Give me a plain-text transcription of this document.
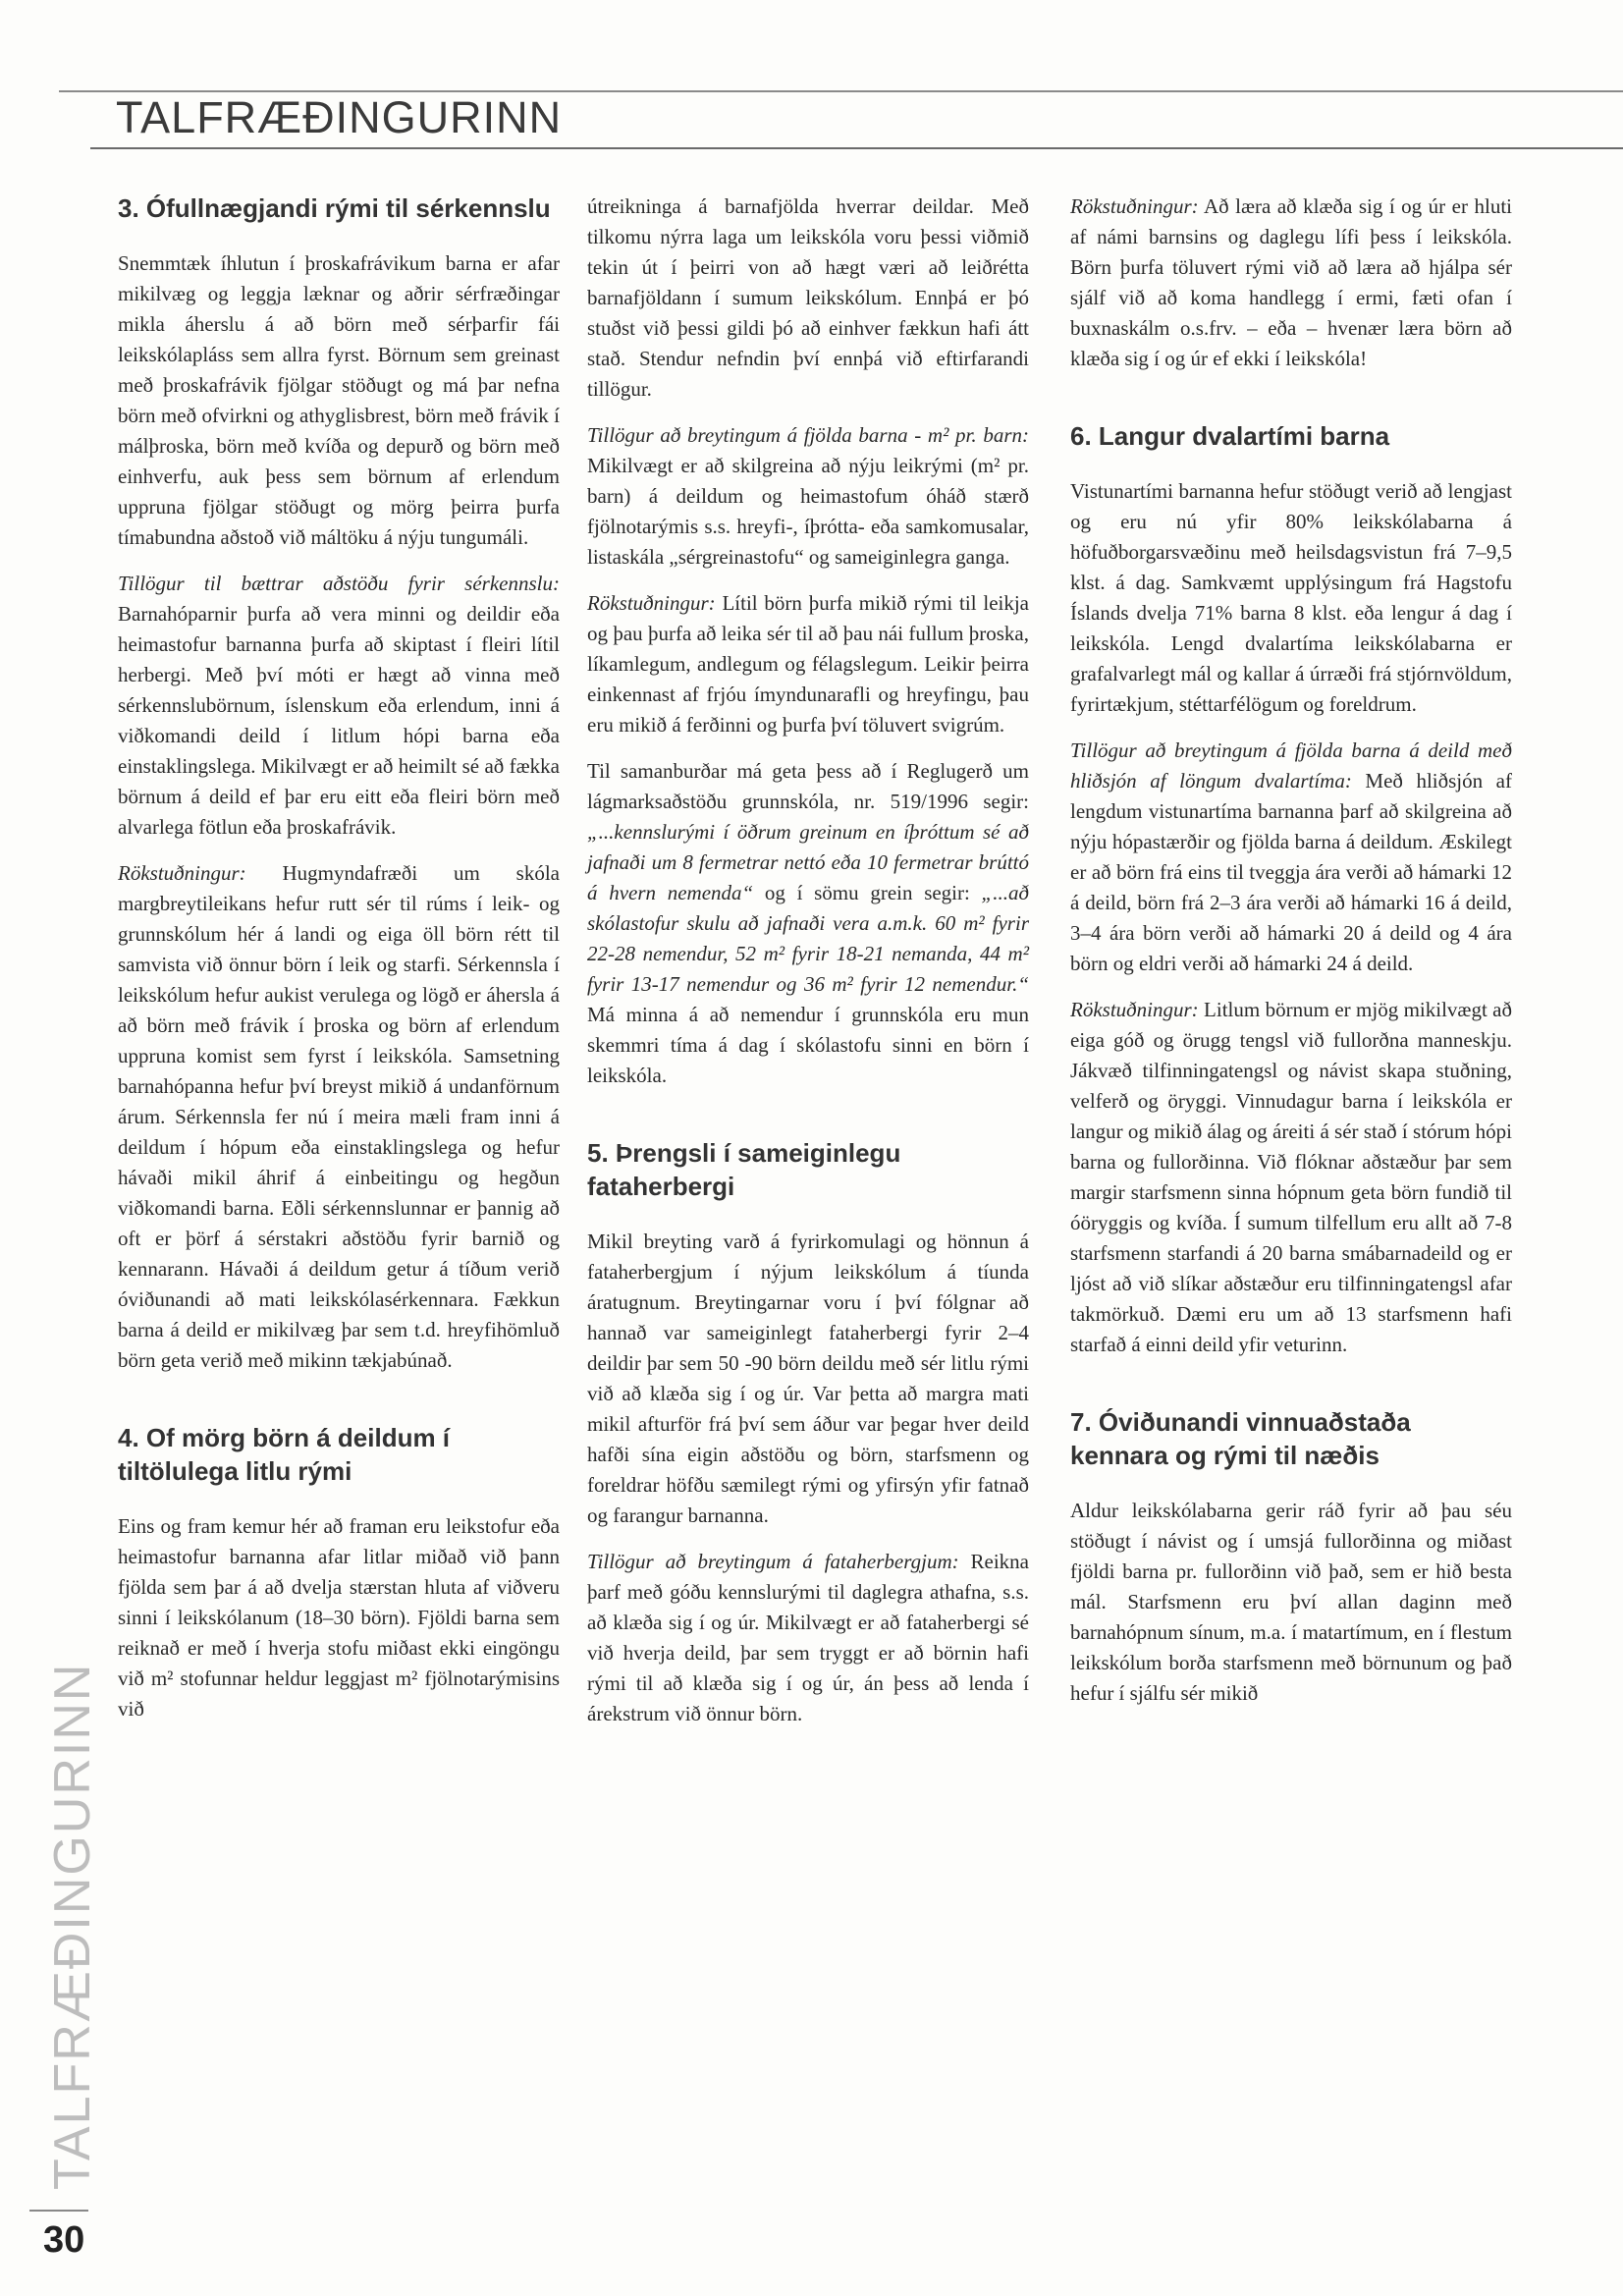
TALFRÆÐINGURINN
3. Ófullnægjandi rými til sérkennslu

Snemmtæk íhlutun í þroskafrávikum barna er afar mikilvæg og leggja læknar og aðrir sérfræðingar mikla áherslu á að börn með sérþarfir fái leikskólapláss sem allra fyrst. Börnum sem greinast með þroskafrávik fjölgar stöðugt og má þar nefna börn með ofvirkni og athyglisbrest, börn með frávik í málþroska, börn með kvíða og depurð og börn með einhverfu, auk þess sem börnum af erlendum uppruna fjölgar stöðugt og mörg þeirra þurfa tímabundna aðstoð við máltöku á nýju tungumáli.

Tillögur til bættrar aðstöðu fyrir sérkennslu: Barnahóparnir þurfa að vera minni og deildir eða heimastofur barnanna þurfa að skiptast í fleiri lítil herbergi. Með því móti er hægt að vinna með sérkennslubörnum, íslenskum eða erlendum, inni á viðkomandi deild í litlum hópi barna eða einstaklingslega. Mikilvægt er að heimilt sé að fækka börnum á deild ef þar eru eitt eða fleiri börn með alvarlega fötlun eða þroskafrávik.

Rökstuðningur: Hugmyndafræði um skóla margbreytileikans hefur rutt sér til rúms í leik- og grunnskólum hér á landi og eiga öll börn rétt til samvista við önnur börn í leik og starfi. Sérkennsla í leikskólum hefur aukist verulega og lögð er áhersla á að börn með frávik í þroska og börn af erlendum uppruna komist sem fyrst í leikskóla. Samsetning barnahópanna hefur því breyst mikið á undanförnum árum. Sérkennsla fer nú í meira mæli fram inni á deildum í hópum eða einstaklingslega og hefur hávaði mikil áhrif á einbeitingu og hegðun viðkomandi barna. Eðli sérkennslunnar er þannig að oft er þörf á sérstakri aðstöðu fyrir barnið og kennarann. Hávaði á deildum getur á tíðum verið óviðunandi að mati leikskólasérkennara. Fækkun barna á deild er mikilvæg þar sem t.d. hreyfihömluð börn geta verið með mikinn tækjabúnað.

4. Of mörg börn á deildum í tiltölulega litlu rými

Eins og fram kemur hér að framan eru leikstofur eða heimastofur barnanna afar litlar miðað við þann fjölda sem þar á að dvelja stærstan hluta af viðveru sinni í leikskólanum (18–30 börn). Fjöldi barna sem reiknað er með í hverja stofu miðast ekki eingöngu við m² stofunnar heldur leggjast m² fjölnotarýmisins við

útreikninga á barnafjölda hverrar deildar. Með tilkomu nýrra laga um leikskóla voru þessi viðmið tekin út í þeirri von að hægt væri að leiðrétta barnafjöldann í sumum leikskólum. Ennþá er þó stuðst við þessi gildi þó að einhver fækkun hafi átt stað. Stendur nefndin því ennþá við eftirfarandi tillögur.

Tillögur að breytingum á fjölda barna - m² pr. barn: Mikilvægt er að skilgreina að nýju leikrými (m² pr. barn) á deildum og heimastofum óháð stærð fjölnotarýmis s.s. hreyfi-, íþrótta- eða samkomusalar, listaskála „sérgreinastofu“ og sameiginlegra ganga.

Rökstuðningur: Lítil börn þurfa mikið rými til leikja og þau þurfa að leika sér til að þau nái fullum þroska, líkamlegum, andlegum og félagslegum. Leikir þeirra einkennast af frjóu ímyndunarafli og hreyfingu, þau eru mikið á ferðinni og þurfa því töluvert svigrúm.

Til samanburðar má geta þess að í Reglugerð um lágmarksaðstöðu grunnskóla, nr. 519/1996 segir: „...kennslurými í öðrum greinum en íþróttum sé að jafnaði um 8 fermetrar nettó eða 10 fermetrar brúttó á hvern nemenda“ og í sömu grein segir: „...að skólastofur skulu að jafnaði vera a.m.k. 60 m² fyrir 22-28 nemendur, 52 m² fyrir 18-21 nemanda, 44 m² fyrir 13-17 nemendur og 36 m² fyrir 12 nemendur.“ Má minna á að nemendur í grunnskóla eru mun skemmri tíma á dag í skólastofu sinni en börn í leikskóla.

5. Þrengsli í sameiginlegu fataherbergi

Mikil breyting varð á fyrirkomulagi og hönnun á fataherbergjum í nýjum leikskólum á tíunda áratugnum. Breytingarnar voru í því fólgnar að hannað var sameiginlegt fataherbergi fyrir 2–4 deildir þar sem 50 -90 börn deildu með sér litlu rými við að klæða sig í og úr. Var þetta að margra mati mikil afturför frá því sem áður var þegar hver deild hafði sína eigin aðstöðu og börn, starfsmenn og foreldrar höfðu sæmilegt rými og yfirsýn yfir fatnað og farangur barnanna.

Tillögur að breytingum á fataherbergjum: Reikna þarf með góðu kennslurými til daglegra athafna, s.s. að klæða sig í og úr. Mikilvægt er að fataherbergi sé við hverja deild, þar sem tryggt er að börnin hafi rými til að klæða sig í og úr, án þess að lenda í árekstrum við önnur börn.

Rökstuðningur: Að læra að klæða sig í og úr er hluti af námi barnsins og daglegu lífi þess í leikskóla. Börn þurfa töluvert rými við að læra að hjálpa sér sjálf við að koma handlegg í ermi, fæti ofan í buxnaskálm o.s.frv. – eða – hvenær læra börn að klæða sig í og úr ef ekki í leikskóla!

6. Langur dvalartími barna

Vistunartími barnanna hefur stöðugt verið að lengjast og eru nú yfir 80% leikskólabarna á höfuðborgarsvæðinu með heilsdagsvistun frá 7–9,5 klst. á dag. Samkvæmt upplýsingum frá Hagstofu Íslands dvelja 71% barna 8 klst. eða lengur á dag í leikskóla. Lengd dvalartíma leikskólabarna er grafalvarlegt mál og kallar á úrræði frá stjórnvöldum, fyrirtækjum, stéttarfélögum og foreldrum.

Tillögur að breytingum á fjölda barna á deild með hliðsjón af löngum dvalartíma: Með hliðsjón af lengdum vistunartíma barnanna þarf að skilgreina að nýju hópastærðir og fjölda barna á deildum. Æskilegt er að börn frá eins til tveggja ára verði að hámarki 12 á deild, börn frá 2–3 ára verði að hámarki 16 á deild, 3–4 ára börn verði að hámarki 20 á deild og 4 ára börn og eldri verði að hámarki 24 á deild.

Rökstuðningur: Litlum börnum er mjög mikilvægt að eiga góð og örugg tengsl við fullorðna manneskju. Jákvæð tilfinningatengsl og návist skapa stuðning, velferð og öryggi. Vinnudagur barna í leikskóla er langur og mikið álag og áreiti á sér stað í stórum hópi barna og fullorðinna. Við flóknar aðstæður þar sem margir starfsmenn sinna hópnum geta börn fundið til óöryggis og kvíða. Í sumum tilfellum eru allt að 7-8 starfsmenn starfandi á 20 barna smábarnadeild og er ljóst að við slíkar aðstæður eru tilfinningatengsl afar takmörkuð. Dæmi eru um að 13 starfsmenn hafi starfað á einni deild yfir veturinn.

7. Óviðunandi vinnuaðstaða kennara og rými til næðis

Aldur leikskólabarna gerir ráð fyrir að þau séu stöðugt í návist og í umsjá fullorðinna og miðast fjöldi barna pr. fullorðinn við það, sem er hið besta mál. Starfsmenn eru því allan daginn með barnahópnum sínum, m.a. í matartímum, en í flestum leikskólum borða starfsmenn með börnunum og það hefur í sjálfu sér mikið

TALFRÆÐINGURINN
30
